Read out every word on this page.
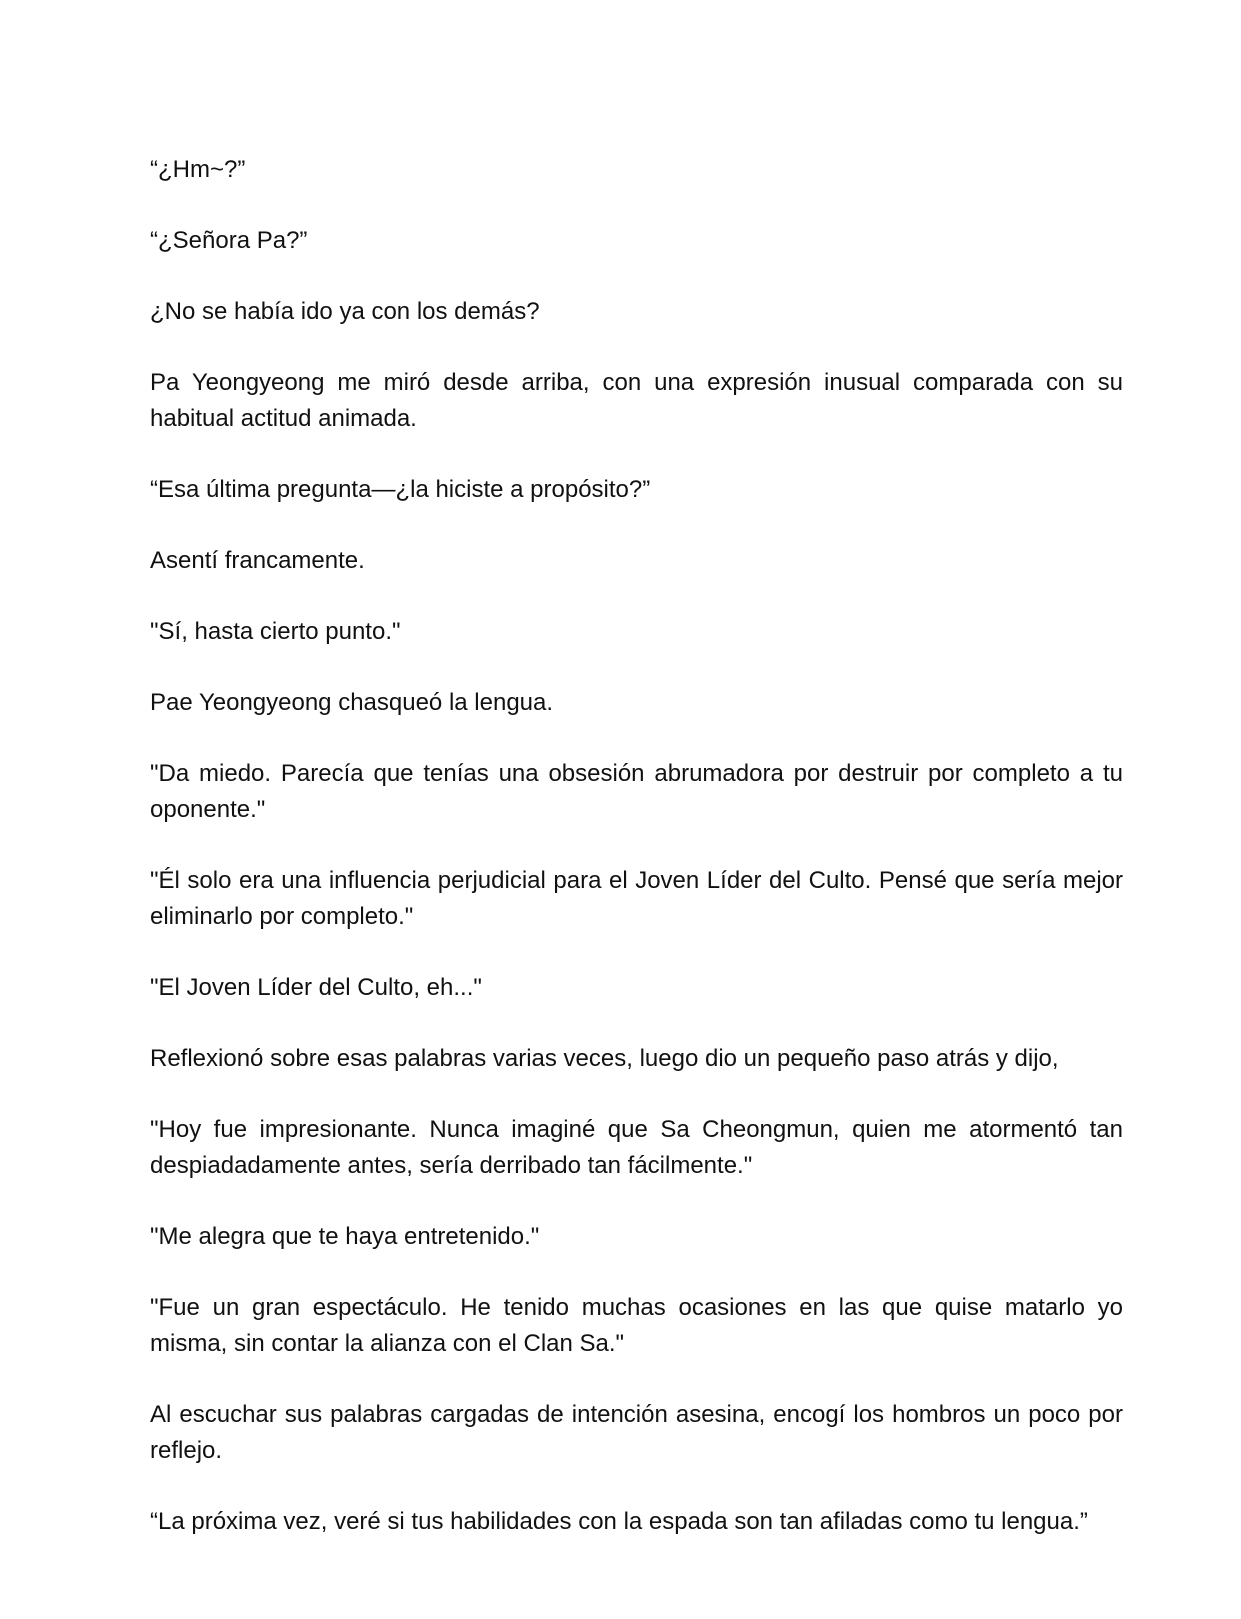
“¿Hm~?”

“¿Señora Pa?”

¿No se había ido ya con los demás?

Pa Yeongyeong me miró desde arriba, con una expresión inusual comparada con su habitual actitud animada.

“Esa última pregunta—¿la hiciste a propósito?”

Asentí francamente.

"Sí, hasta cierto punto."

Pae Yeongyeong chasqueó la lengua.

"Da miedo. Parecía que tenías una obsesión abrumadora por destruir por completo a tu oponente."

"Él solo era una influencia perjudicial para el Joven Líder del Culto. Pensé que sería mejor eliminarlo por completo."

"El Joven Líder del Culto, eh..."

Reflexionó sobre esas palabras varias veces, luego dio un pequeño paso atrás y dijo,

"Hoy fue impresionante. Nunca imaginé que Sa Cheongmun, quien me atormentó tan despiadadamente antes, sería derribado tan fácilmente."

"Me alegra que te haya entretenido."

"Fue un gran espectáculo. He tenido muchas ocasiones en las que quise matarlo yo misma, sin contar la alianza con el Clan Sa."

Al escuchar sus palabras cargadas de intención asesina, encogí los hombros un poco por reflejo.

“La próxima vez, veré si tus habilidades con la espada son tan afiladas como tu lengua.”
